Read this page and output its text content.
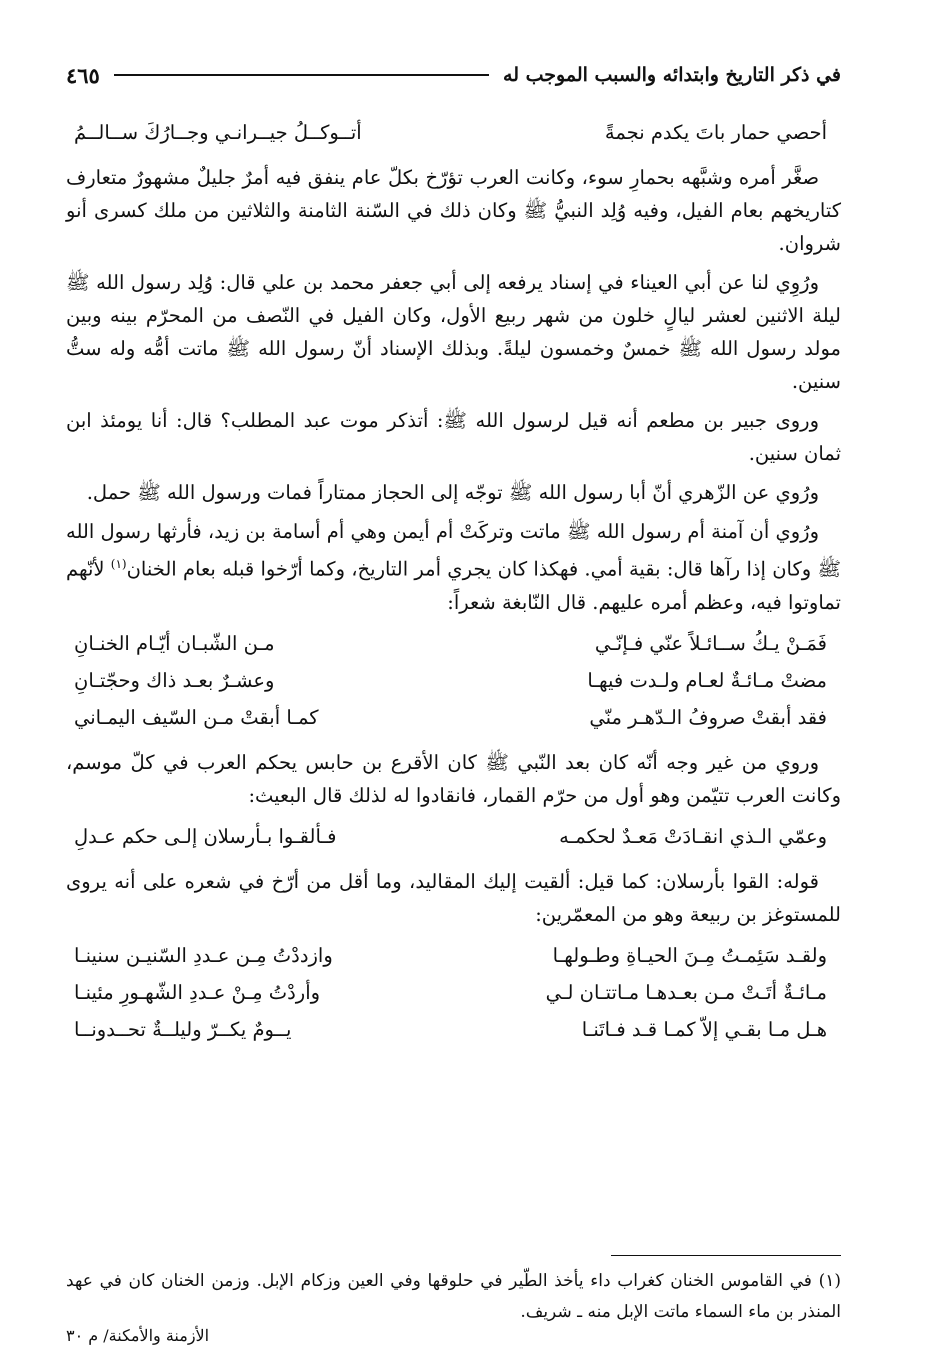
في ذكر التاريخ وابتدائه والسبب الموجب له
٤٦٥
أحصي حمار باتَ يكدم نجمةً
أتــوكــلُ جيــرانـي وجــارُكَ ســالــمُ

صغَّر أمره وشبَّهه بحمارِ سوء، وكانت العرب تؤرّخ بكلّ عام ينفق فيه أمرٌ جليلٌ مشهورٌ متعارف كتاريخهم بعام الفيل، وفيه وُلِد النبيُّ ﷺ وكان ذلك في السّنة الثامنة والثلاثين من ملك كسرى أنو شروان.

ورُوِي لنا عن أبي العيناء في إسناد يرفعه إلى أبي جعفر محمد بن علي قال: وُلِد رسول الله ﷺ ليلة الاثنين لعشر ليالٍ خلون من شهر ربيع الأول، وكان الفيل في النّصف من المحرّم بينه وبين مولد رسول الله ﷺ خمسٌ وخمسون ليلةً. وبذلك الإسناد أنّ رسول الله ﷺ ماتت أمُّه وله ستُّ سنين.

وروى جبير بن مطعم أنه قيل لرسول الله ﷺ: أتذكر موت عبد المطلب؟ قال: أنا يومئذ ابن ثمان سنين.

ورُوي عن الزّهري أنّ أبا رسول الله ﷺ توجّه إلى الحجاز ممتاراً فمات ورسول الله ﷺ حمل.

ورُوي أن آمنة أم رسول الله ﷺ ماتت وتركَتْ أم أيمن وهي أم أسامة بن زيد، فأرثها رسول الله ﷺ وكان إذا رآها قال: بقية أمي. فهكذا كان يجري أمر التاريخ، وكما أرّخوا قبله بعام الخنان$^{(١)}$ لأنّهم تماوتوا فيه، وعظم أمره عليهم. قال النّابغة شعراً:

فَمَـنْ يـكُ ســائـلاً عنّي فـإنّـي
مـن الشّبـان أيّـام الخنـانِ
مضتْ مـائـةٌ لعـام ولـدت فيهـا
وعشـرٌ بعـد ذاك وحجّتـانِ
فقد أبقتْ صروفُ الـدّهـر منّي
كمـا أبقتْ مـن السّيف اليمـاني

وروي من غير وجه أنّه كان بعد النّبي ﷺ كان الأقرع بن حابس يحكم العرب في كلّ موسم، وكانت العرب تتيّمن وهو أول من حرّم القمار، فانقادوا له لذلك قال البعيث:

وعمّي الـذي انقـادَتْ مَعـدٌ لحكمـه
فـألقـوا بـأرسلان إلـى حكم عـدلِ

قوله: القوا بأرسلان: كما قيل: ألقيت إليك المقاليد، وما أقل من أرّخ في شعره على أنه يروى للمستوغز بن ربيعة وهو من المعمّرين:

ولقـد سَئِمـتُ مِـنَ الحيـاةِ وطـولهـا
وازددْتُ مِـن عـددِ السّنيـن سنينـا
مـائـةٌ أتَـتْ مـن بعـدهـا مـاتتـان لـي
وأردْتُ مِـنْ عـددِ الشّهـورِ مئينـا
هـل مـا بقـي إلاّ كمـا قـد فـاتَنـا
يــومٌ يكــرّ وليلــةٌ تحــدونــا
(١) في القاموس الخنان كغراب داء يأخذ الطّير في حلوقها وفي العين وزكام الإبل. وزمن الخنان كان في عهد المنذر بن ماء السماء ماتت الإبل منه ـ شريف.
الأزمنة والأمكنة/ م ٣٠
